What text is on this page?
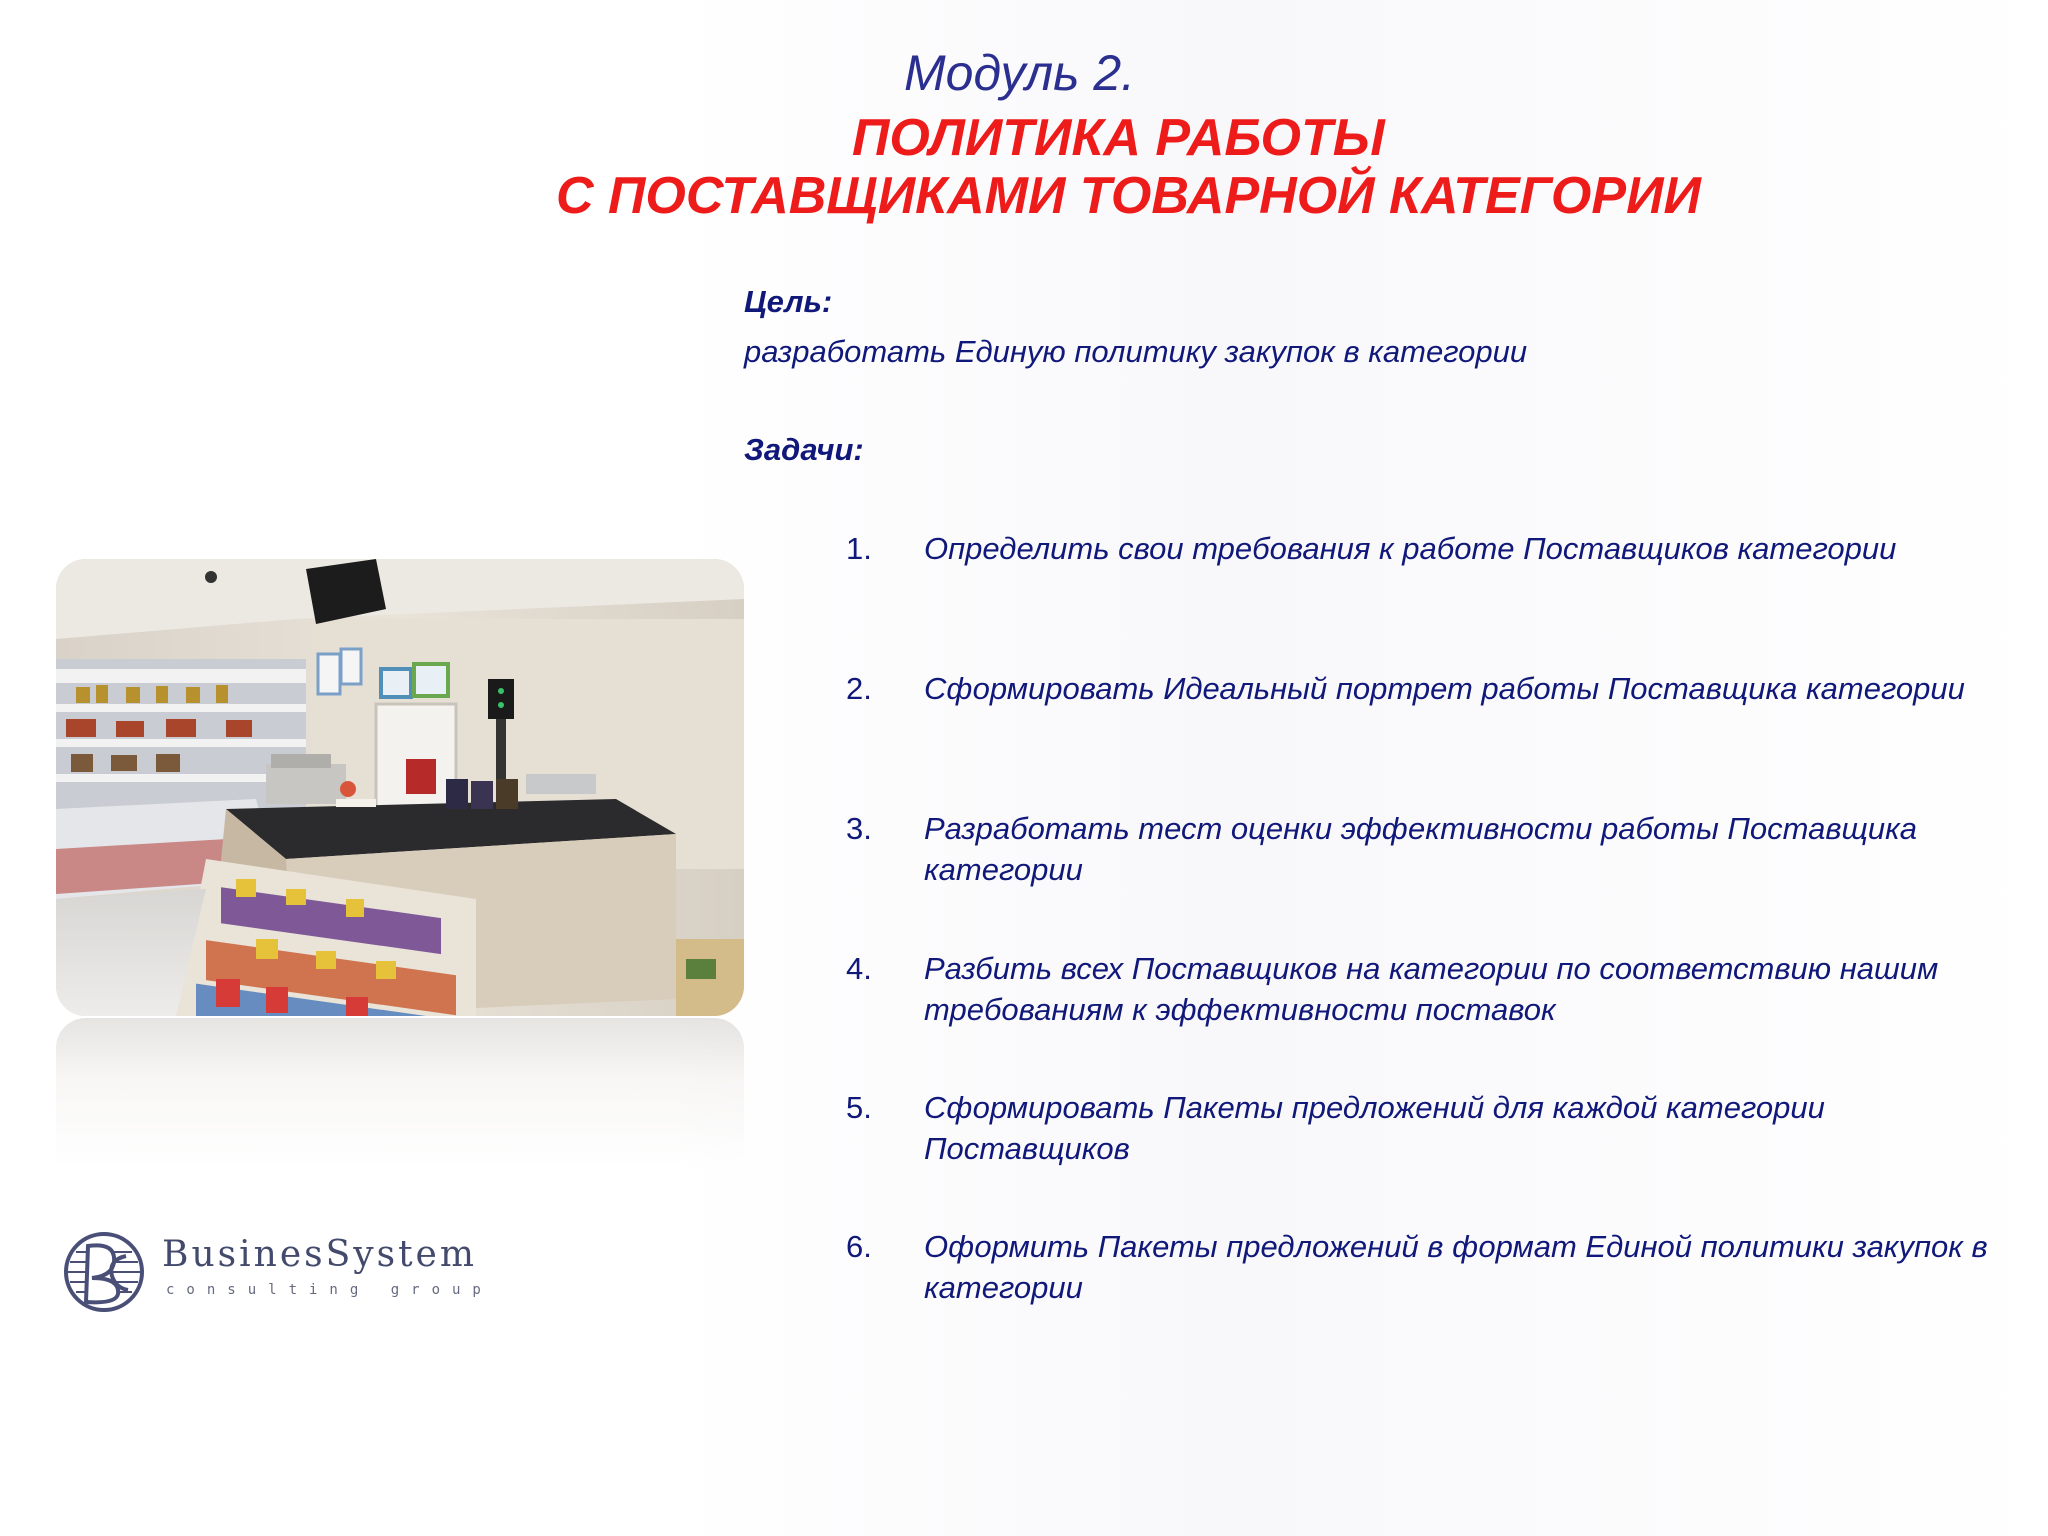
Модуль 2.
ПОЛИТИКА РАБОТЫ
С ПОСТАВЩИКАМИ ТОВАРНОЙ КАТЕГОРИИ
Цель:
разработать Единую политику закупок в категории
Задачи:
1. Определить свои требования к работе Поставщиков категории
2. Сформировать Идеальный портрет работы Поставщика категории
3. Разработать тест оценки эффективности работы Поставщика категории
4. Разбить всех Поставщиков на категории по соответствию нашим требованиям к эффективности поставок
5. Сформировать Пакеты предложений для каждой категории Поставщиков
6. Оформить Пакеты предложений в формат Единой политики закупок в категории
BusinesSystem
consulting group
